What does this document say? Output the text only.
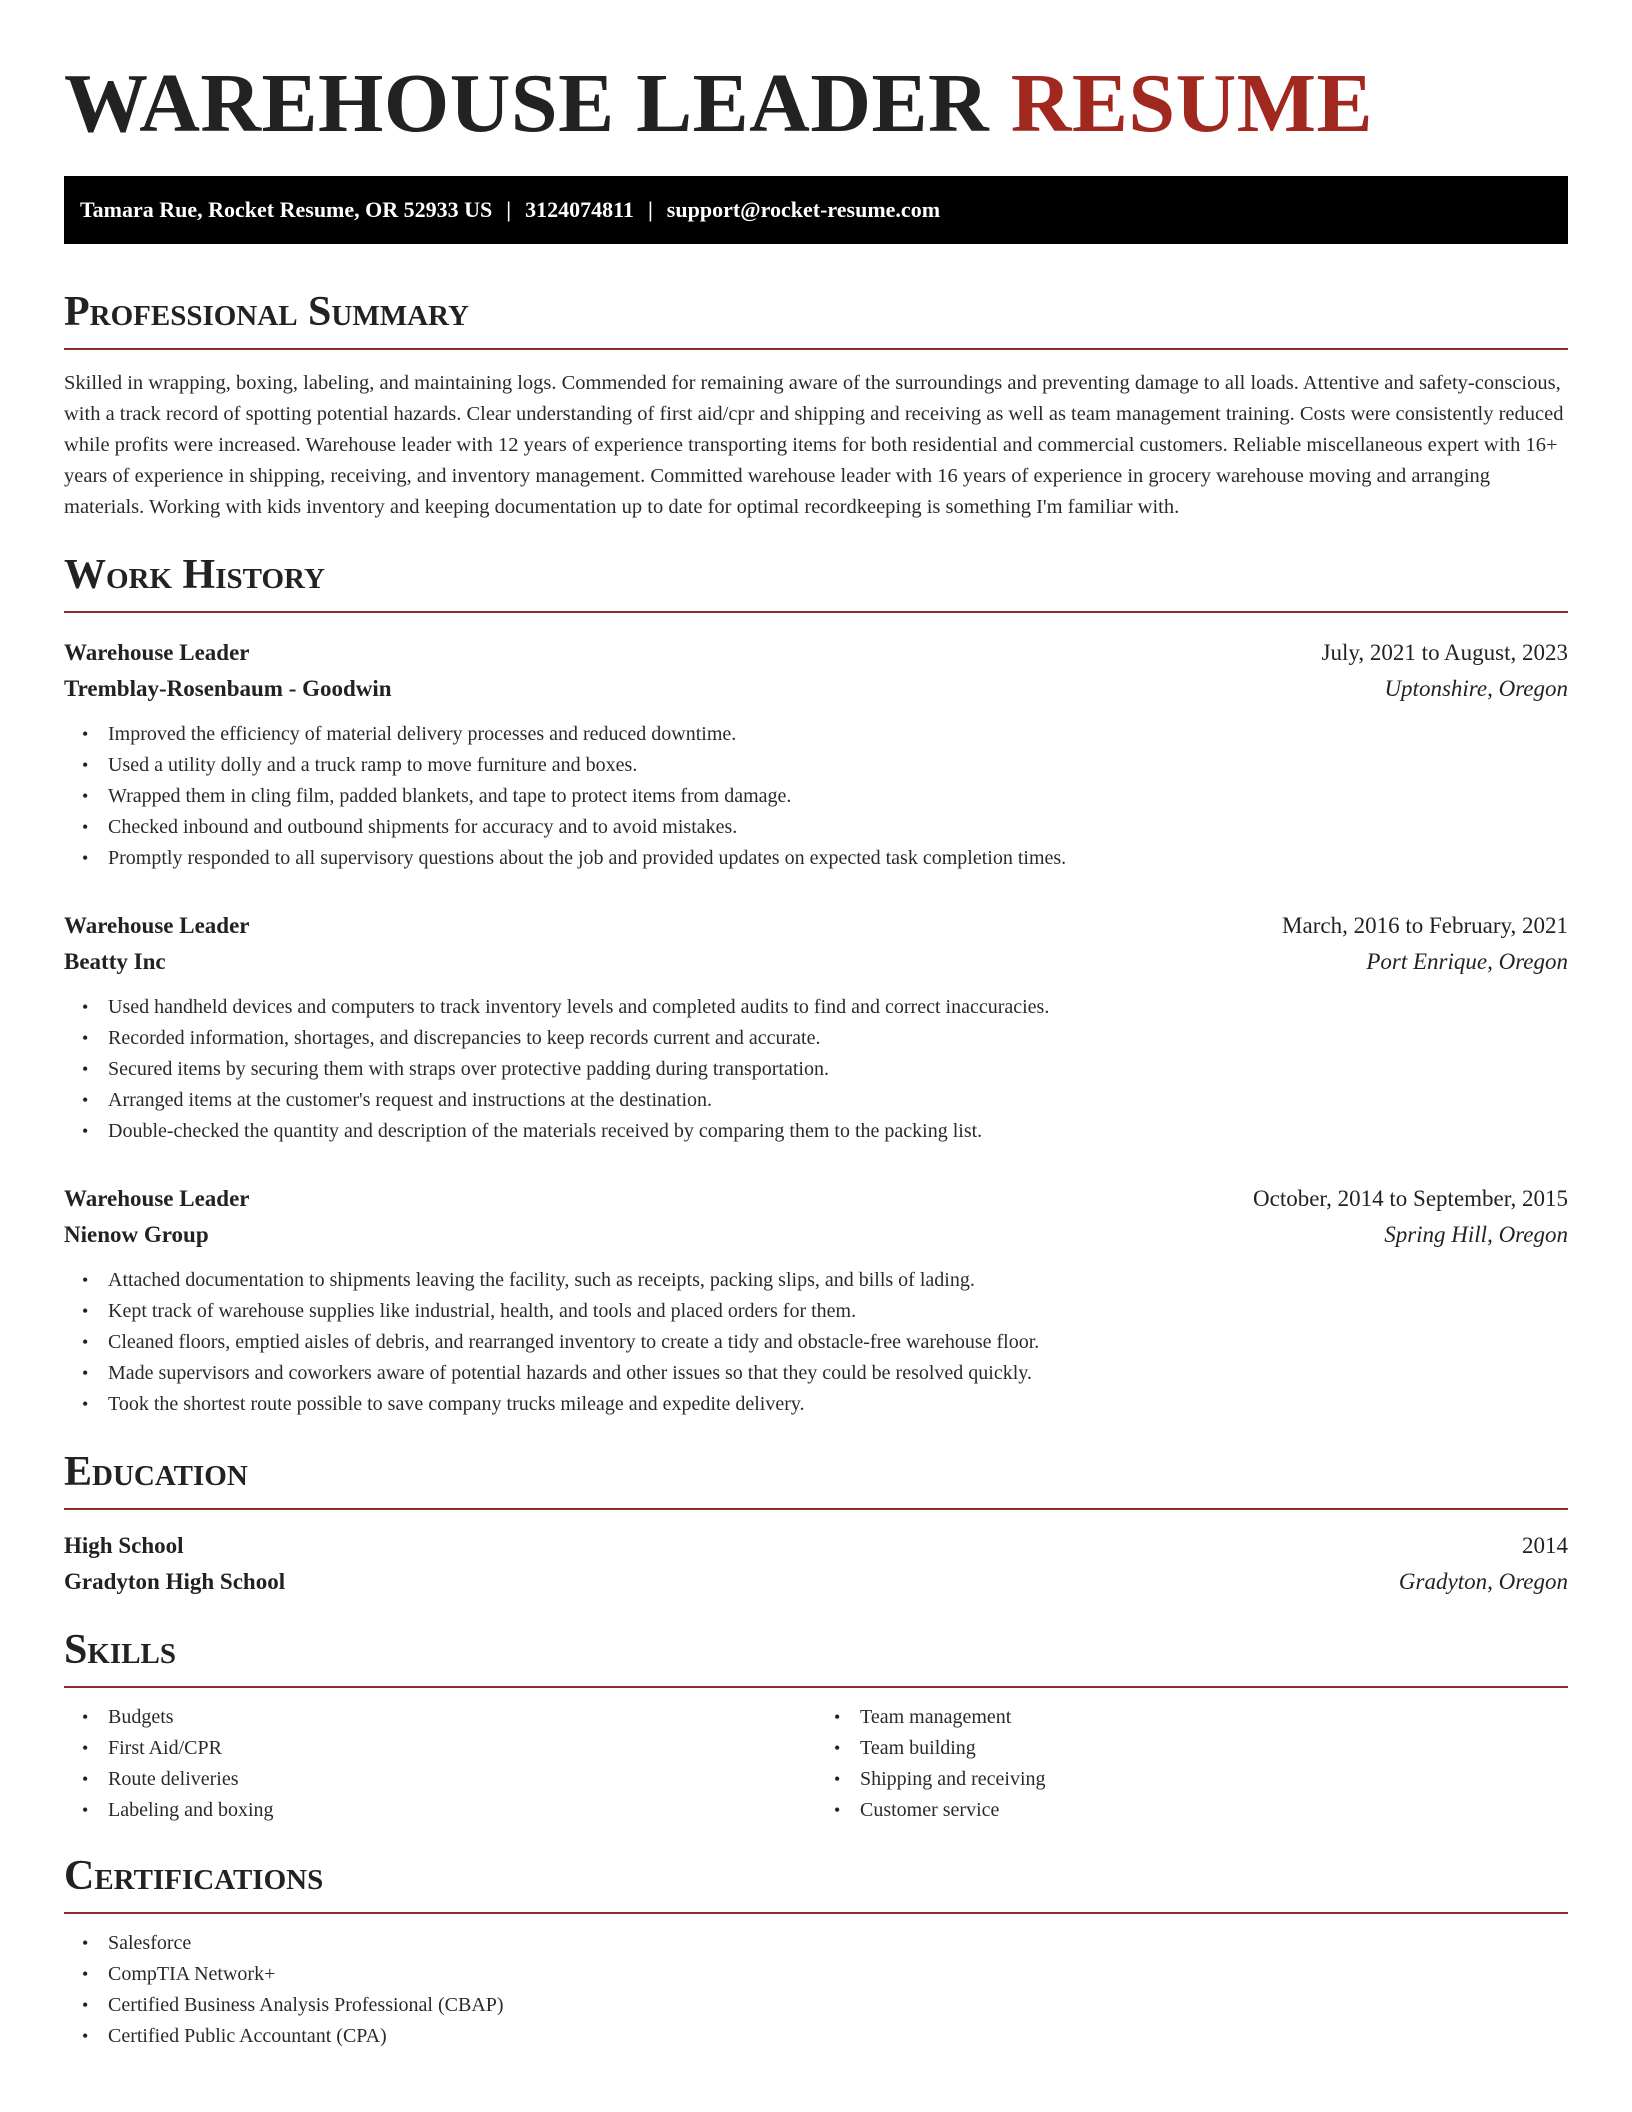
WAREHOUSE LEADER RESUME
Tamara Rue, Rocket Resume, OR 52933 US | 3124074811 | support@rocket-resume.com
Professional Summary

Skilled in wrapping, boxing, labeling, and maintaining logs. Commended for remaining aware of the surroundings and preventing damage to all loads. Attentive and safety-conscious, with a track record of spotting potential hazards. Clear understanding of first aid/cpr and shipping and receiving as well as team management training. Costs were consistently reduced while profits were increased. Warehouse leader with 12 years of experience transporting items for both residential and commercial customers. Reliable miscellaneous expert with 16+ years of experience in shipping, receiving, and inventory management. Committed warehouse leader with 16 years of experience in grocery warehouse moving and arranging materials. Working with kids inventory and keeping documentation up to date for optimal recordkeeping is something I'm familiar with.

Work History
Warehouse Leader	July, 2021 to August, 2023
Tremblay-Rosenbaum - Goodwin	Uptonshire, Oregon
• Improved the efficiency of material delivery processes and reduced downtime.
• Used a utility dolly and a truck ramp to move furniture and boxes.
• Wrapped them in cling film, padded blankets, and tape to protect items from damage.
• Checked inbound and outbound shipments for accuracy and to avoid mistakes.
• Promptly responded to all supervisory questions about the job and provided updates on expected task completion times.
Warehouse Leader	March, 2016 to February, 2021
Beatty Inc	Port Enrique, Oregon
• Used handheld devices and computers to track inventory levels and completed audits to find and correct inaccuracies.
• Recorded information, shortages, and discrepancies to keep records current and accurate.
• Secured items by securing them with straps over protective padding during transportation.
• Arranged items at the customer's request and instructions at the destination.
• Double-checked the quantity and description of the materials received by comparing them to the packing list.
Warehouse Leader	October, 2014 to September, 2015
Nienow Group	Spring Hill, Oregon
• Attached documentation to shipments leaving the facility, such as receipts, packing slips, and bills of lading.
• Kept track of warehouse supplies like industrial, health, and tools and placed orders for them.
• Cleaned floors, emptied aisles of debris, and rearranged inventory to create a tidy and obstacle-free warehouse floor.
• Made supervisors and coworkers aware of potential hazards and other issues so that they could be resolved quickly.
• Took the shortest route possible to save company trucks mileage and expedite delivery.
Education
High School	2014
Gradyton High School	Gradyton, Oregon
Skills
• Budgets
• First Aid/CPR
• Route deliveries
• Labeling and boxing
• Team management
• Team building
• Shipping and receiving
• Customer service
Certifications
• Salesforce
• CompTIA Network+
• Certified Business Analysis Professional (CBAP)
• Certified Public Accountant (CPA)
